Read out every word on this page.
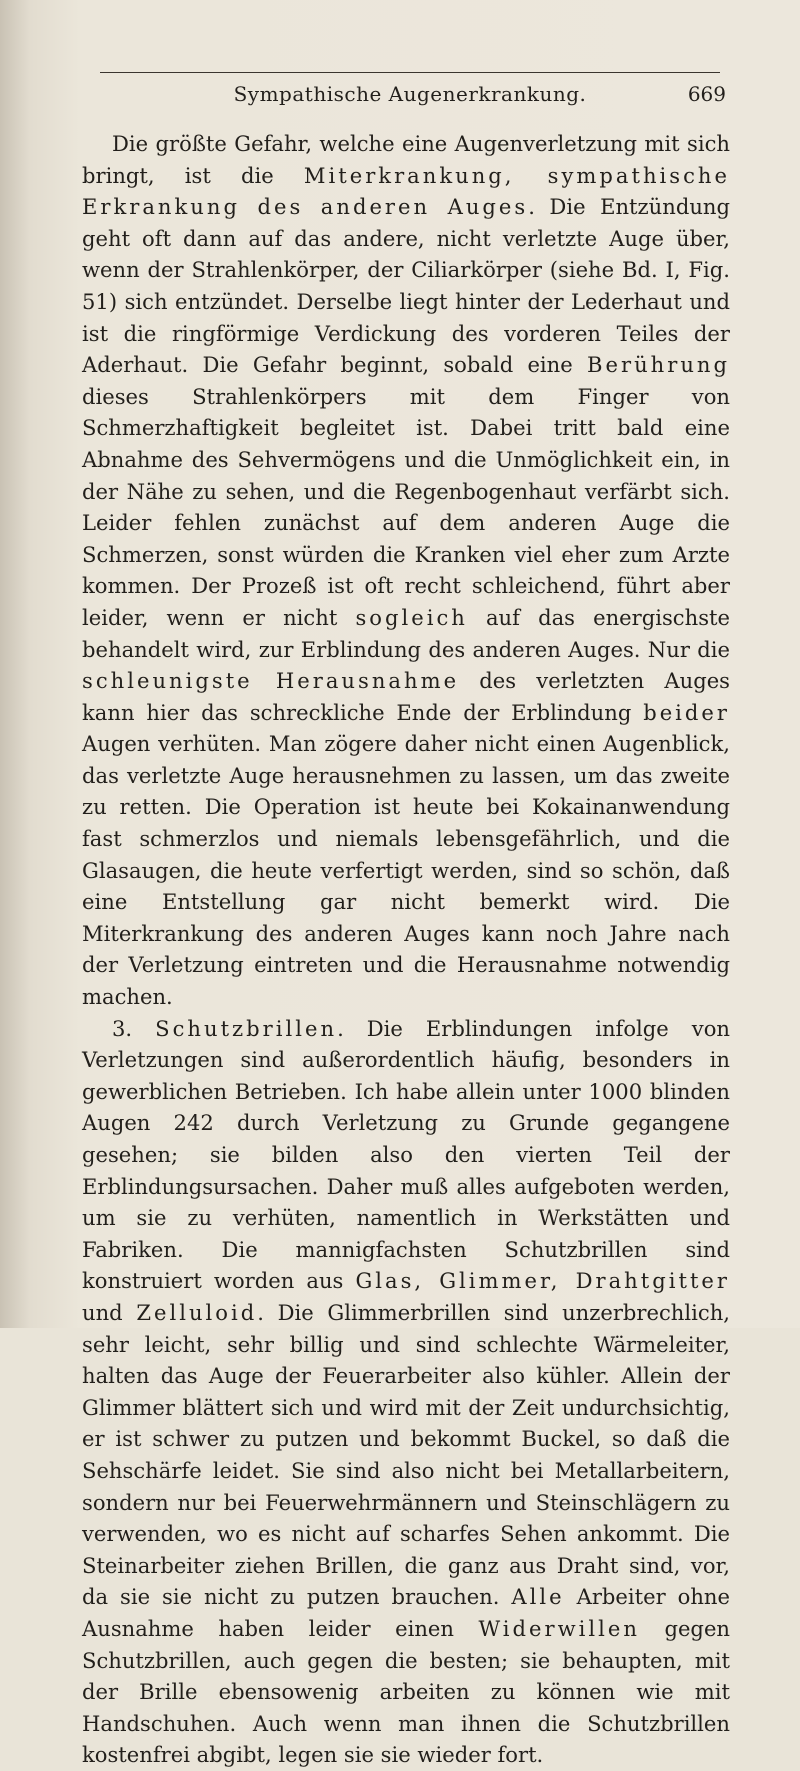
Sympathische Augenerkrankung.	669

Die größte Gefahr, welche eine Augenverletzung mit sich bringt, ist die Miterkrankung, sympathische Erkrankung des anderen Auges. Die Entzündung geht oft dann auf das andere, nicht verletzte Auge über, wenn der Strahlenkörper, der Ciliarkörper (siehe Bd. I, Fig. 51) sich entzündet. Derselbe liegt hinter der Lederhaut und ist die ringförmige Verdickung des vorderen Teiles der Aderhaut. Die Gefahr beginnt, sobald eine Berührung dieses Strahlenkörpers mit dem Finger von Schmerzhaftigkeit begleitet ist. Dabei tritt bald eine Abnahme des Sehvermögens und die Unmöglichkeit ein, in der Nähe zu sehen, und die Regenbogenhaut verfärbt sich. Leider fehlen zunächst auf dem anderen Auge die Schmerzen, sonst würden die Kranken viel eher zum Arzte kommen. Der Prozeß ist oft recht schleichend, führt aber leider, wenn er nicht sogleich auf das energischste behandelt wird, zur Erblindung des anderen Auges. Nur die schleunigste Herausnahme des verletzten Auges kann hier das schreckliche Ende der Erblindung beider Augen verhüten. Man zögere daher nicht einen Augenblick, das verletzte Auge herausnehmen zu lassen, um das zweite zu retten. Die Operation ist heute bei Kokainanwendung fast schmerzlos und niemals lebensgefährlich, und die Glasaugen, die heute verfertigt werden, sind so schön, daß eine Entstellung gar nicht bemerkt wird. Die Miterkrankung des anderen Auges kann noch Jahre nach der Verletzung eintreten und die Herausnahme notwendig machen.

3. Schutzbrillen. Die Erblindungen infolge von Verletzungen sind außerordentlich häufig, besonders in gewerblichen Betrieben. Ich habe allein unter 1000 blinden Augen 242 durch Verletzung zu Grunde gegangene gesehen; sie bilden also den vierten Teil der Erblindungsursachen. Daher muß alles aufgeboten werden, um sie zu verhüten, namentlich in Werkstätten und Fabriken. Die mannigfachsten Schutzbrillen sind konstruiert worden aus Glas, Glimmer, Drahtgitter und Zelluloid. Die Glimmerbrillen sind unzerbrechlich, sehr leicht, sehr billig und sind schlechte Wärmeleiter, halten das Auge der Feuerarbeiter also kühler. Allein der Glimmer blättert sich und wird mit der Zeit undurchsichtig, er ist schwer zu putzen und bekommt Buckel, so daß die Sehschärfe leidet. Sie sind also nicht bei Metallarbeitern, sondern nur bei Feuerwehrmännern und Steinschlägern zu verwenden, wo es nicht auf scharfes Sehen ankommt. Die Steinarbeiter ziehen Brillen, die ganz aus Draht sind, vor, da sie sie nicht zu putzen brauchen. Alle Arbeiter ohne Ausnahme haben leider einen Widerwillen gegen Schutzbrillen, auch gegen die besten; sie behaupten, mit der Brille ebensowenig arbeiten zu können wie mit Handschuhen. Auch wenn man ihnen die Schutzbrillen kostenfrei abgibt, legen sie sie wieder fort.
